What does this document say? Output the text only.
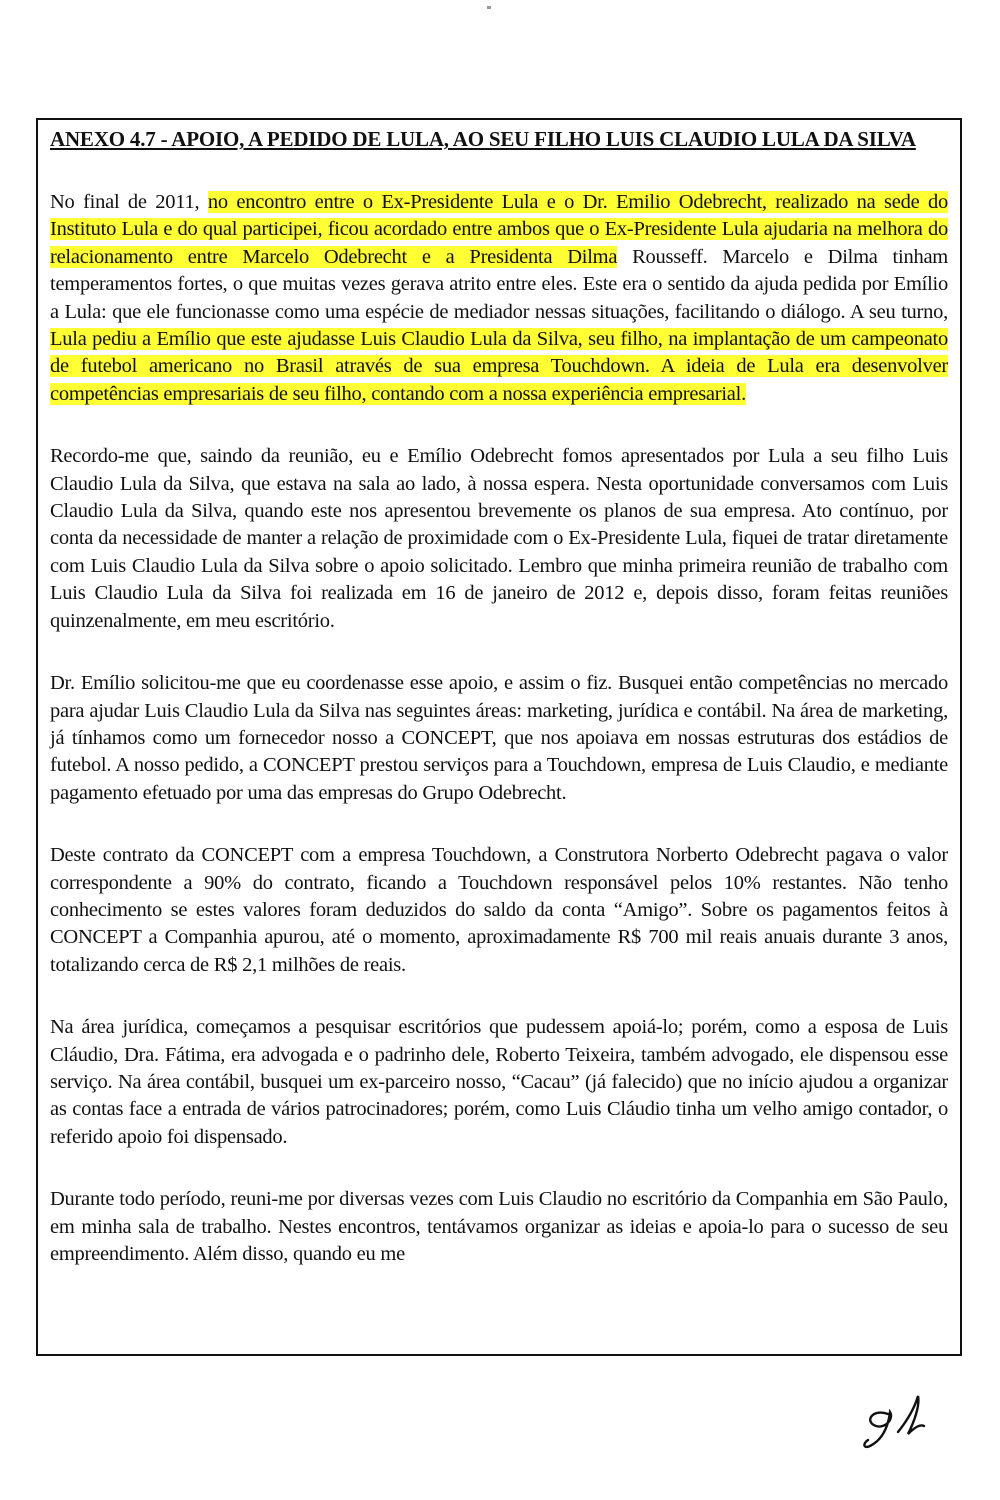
ANEXO 4.7 - APOIO, A PEDIDO DE LULA, AO SEU FILHO LUIS CLAUDIO LULA DA SILVA

No final de 2011, no encontro entre o Ex-Presidente Lula e o Dr. Emilio Odebrecht, realizado na sede do Instituto Lula e do qual participei, ficou acordado entre ambos que o Ex-Presidente Lula ajudaria na melhora do relacionamento entre Marcelo Odebrecht e a Presidenta Dilma Rousseff. Marcelo e Dilma tinham temperamentos fortes, o que muitas vezes gerava atrito entre eles. Este era o sentido da ajuda pedida por Emílio a Lula: que ele funcionasse como uma espécie de mediador nessas situações, facilitando o diálogo. A seu turno, Lula pediu a Emílio que este ajudasse Luis Claudio Lula da Silva, seu filho, na implantação de um campeonato de futebol americano no Brasil através de sua empresa Touchdown. A ideia de Lula era desenvolver competências empresariais de seu filho, contando com a nossa experiência empresarial.

Recordo-me que, saindo da reunião, eu e Emílio Odebrecht fomos apresentados por Lula a seu filho Luis Claudio Lula da Silva, que estava na sala ao lado, à nossa espera. Nesta oportunidade conversamos com Luis Claudio Lula da Silva, quando este nos apresentou brevemente os planos de sua empresa. Ato contínuo, por conta da necessidade de manter a relação de proximidade com o Ex-Presidente Lula, fiquei de tratar diretamente com Luis Claudio Lula da Silva sobre o apoio solicitado. Lembro que minha primeira reunião de trabalho com Luis Claudio Lula da Silva foi realizada em 16 de janeiro de 2012 e, depois disso, foram feitas reuniões quinzenalmente, em meu escritório.

Dr. Emílio solicitou-me que eu coordenasse esse apoio, e assim o fiz. Busquei então competências no mercado para ajudar Luis Claudio Lula da Silva nas seguintes áreas: marketing, jurídica e contábil. Na área de marketing, já tínhamos como um fornecedor nosso a CONCEPT, que nos apoiava em nossas estruturas dos estádios de futebol. A nosso pedido, a CONCEPT prestou serviços para a Touchdown, empresa de Luis Claudio, e mediante pagamento efetuado por uma das empresas do Grupo Odebrecht.

Deste contrato da CONCEPT com a empresa Touchdown, a Construtora Norberto Odebrecht pagava o valor correspondente a 90% do contrato, ficando a Touchdown responsável pelos 10% restantes. Não tenho conhecimento se estes valores foram deduzidos do saldo da conta “Amigo”. Sobre os pagamentos feitos à CONCEPT a Companhia apurou, até o momento, aproximadamente R$ 700 mil reais anuais durante 3 anos, totalizando cerca de R$ 2,1 milhões de reais.

Na área jurídica, começamos a pesquisar escritórios que pudessem apoiá-lo; porém, como a esposa de Luis Cláudio, Dra. Fátima, era advogada e o padrinho dele, Roberto Teixeira, também advogado, ele dispensou esse serviço. Na área contábil, busquei um ex-parceiro nosso, “Cacau” (já falecido) que no início ajudou a organizar as contas face a entrada de vários patrocinadores; porém, como Luis Cláudio tinha um velho amigo contador, o referido apoio foi dispensado.

Durante todo período, reuni-me por diversas vezes com Luis Claudio no escritório da Companhia em São Paulo, em minha sala de trabalho. Nestes encontros, tentávamos organizar as ideias e apoia-lo para o sucesso de seu empreendimento. Além disso, quando eu me
